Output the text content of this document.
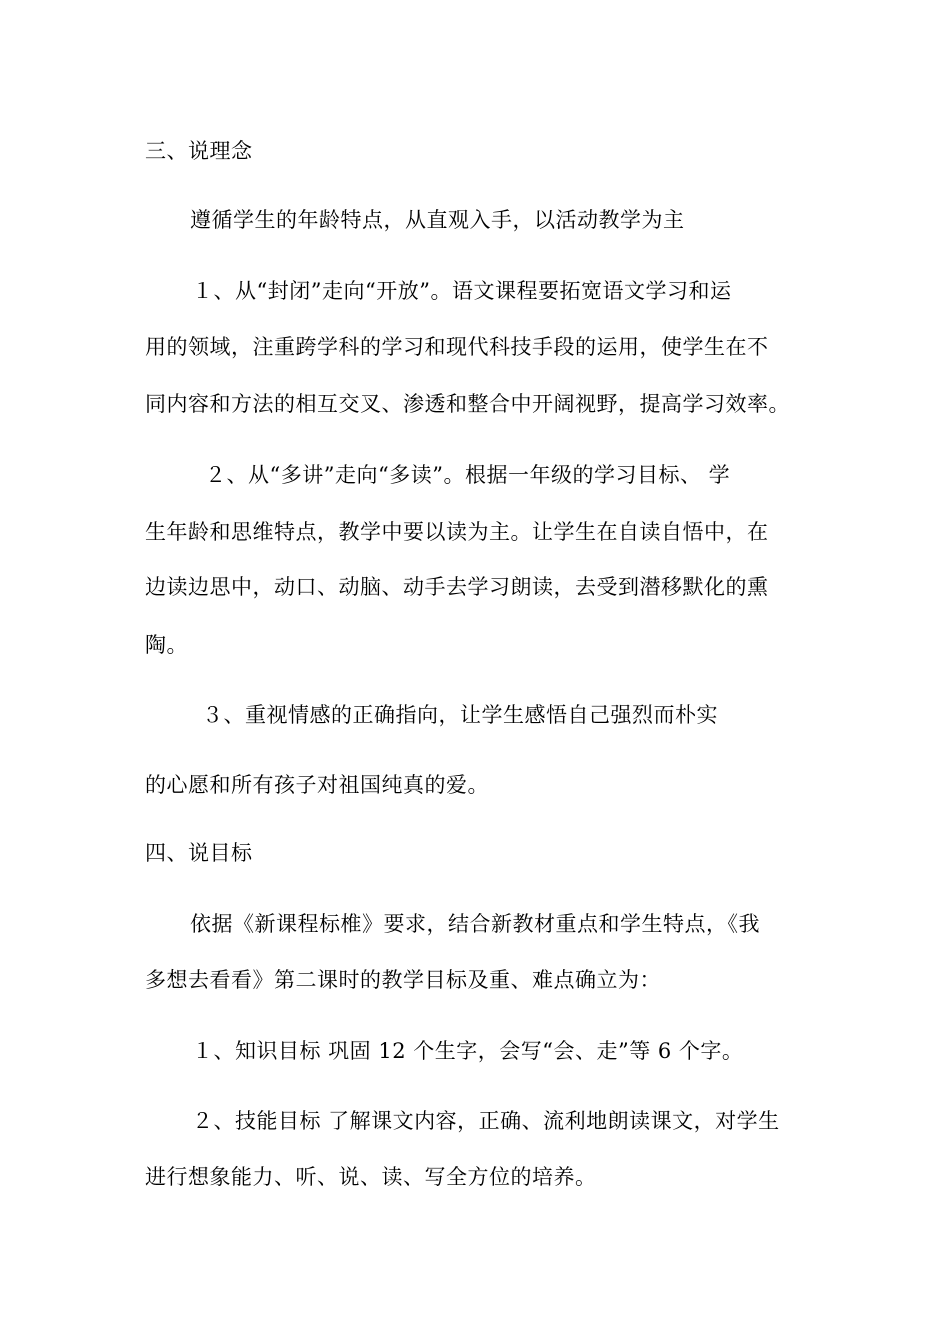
三、说理念
遵循学生的年龄特点，从直观入手，以活动教学为主
１、从“封闭”走向“开放”。语文课程要拓宽语文学习和运
用的领域，注重跨学科的学习和现代科技手段的运用，使学生在不
同内容和方法的相互交叉、渗透和整合中开阔视野，提高学习效率。
２、从“多讲”走向“多读”。根据一年级的学习目标、 学
生年龄和思维特点，教学中要以读为主。让学生在自读自悟中，在
边读边思中，动口、动脑、动手去学习朗读，去受到潜移默化的熏
陶。
３、重视情感的正确指向，让学生感悟自己强烈而朴实
的心愿和所有孩子对祖国纯真的爱。
四、说目标
依据《新课程标椎》要求，结合新教材重点和学生特点，《我
多想去看看》第二课时的教学目标及重、难点确立为：
１、知识目标 巩固 12 个生字，会写“会、走”等 6 个字。
２、技能目标 了解课文内容，正确、流利地朗读课文，对学生
进行想象能力、听、说、读、写全方位的培养。
